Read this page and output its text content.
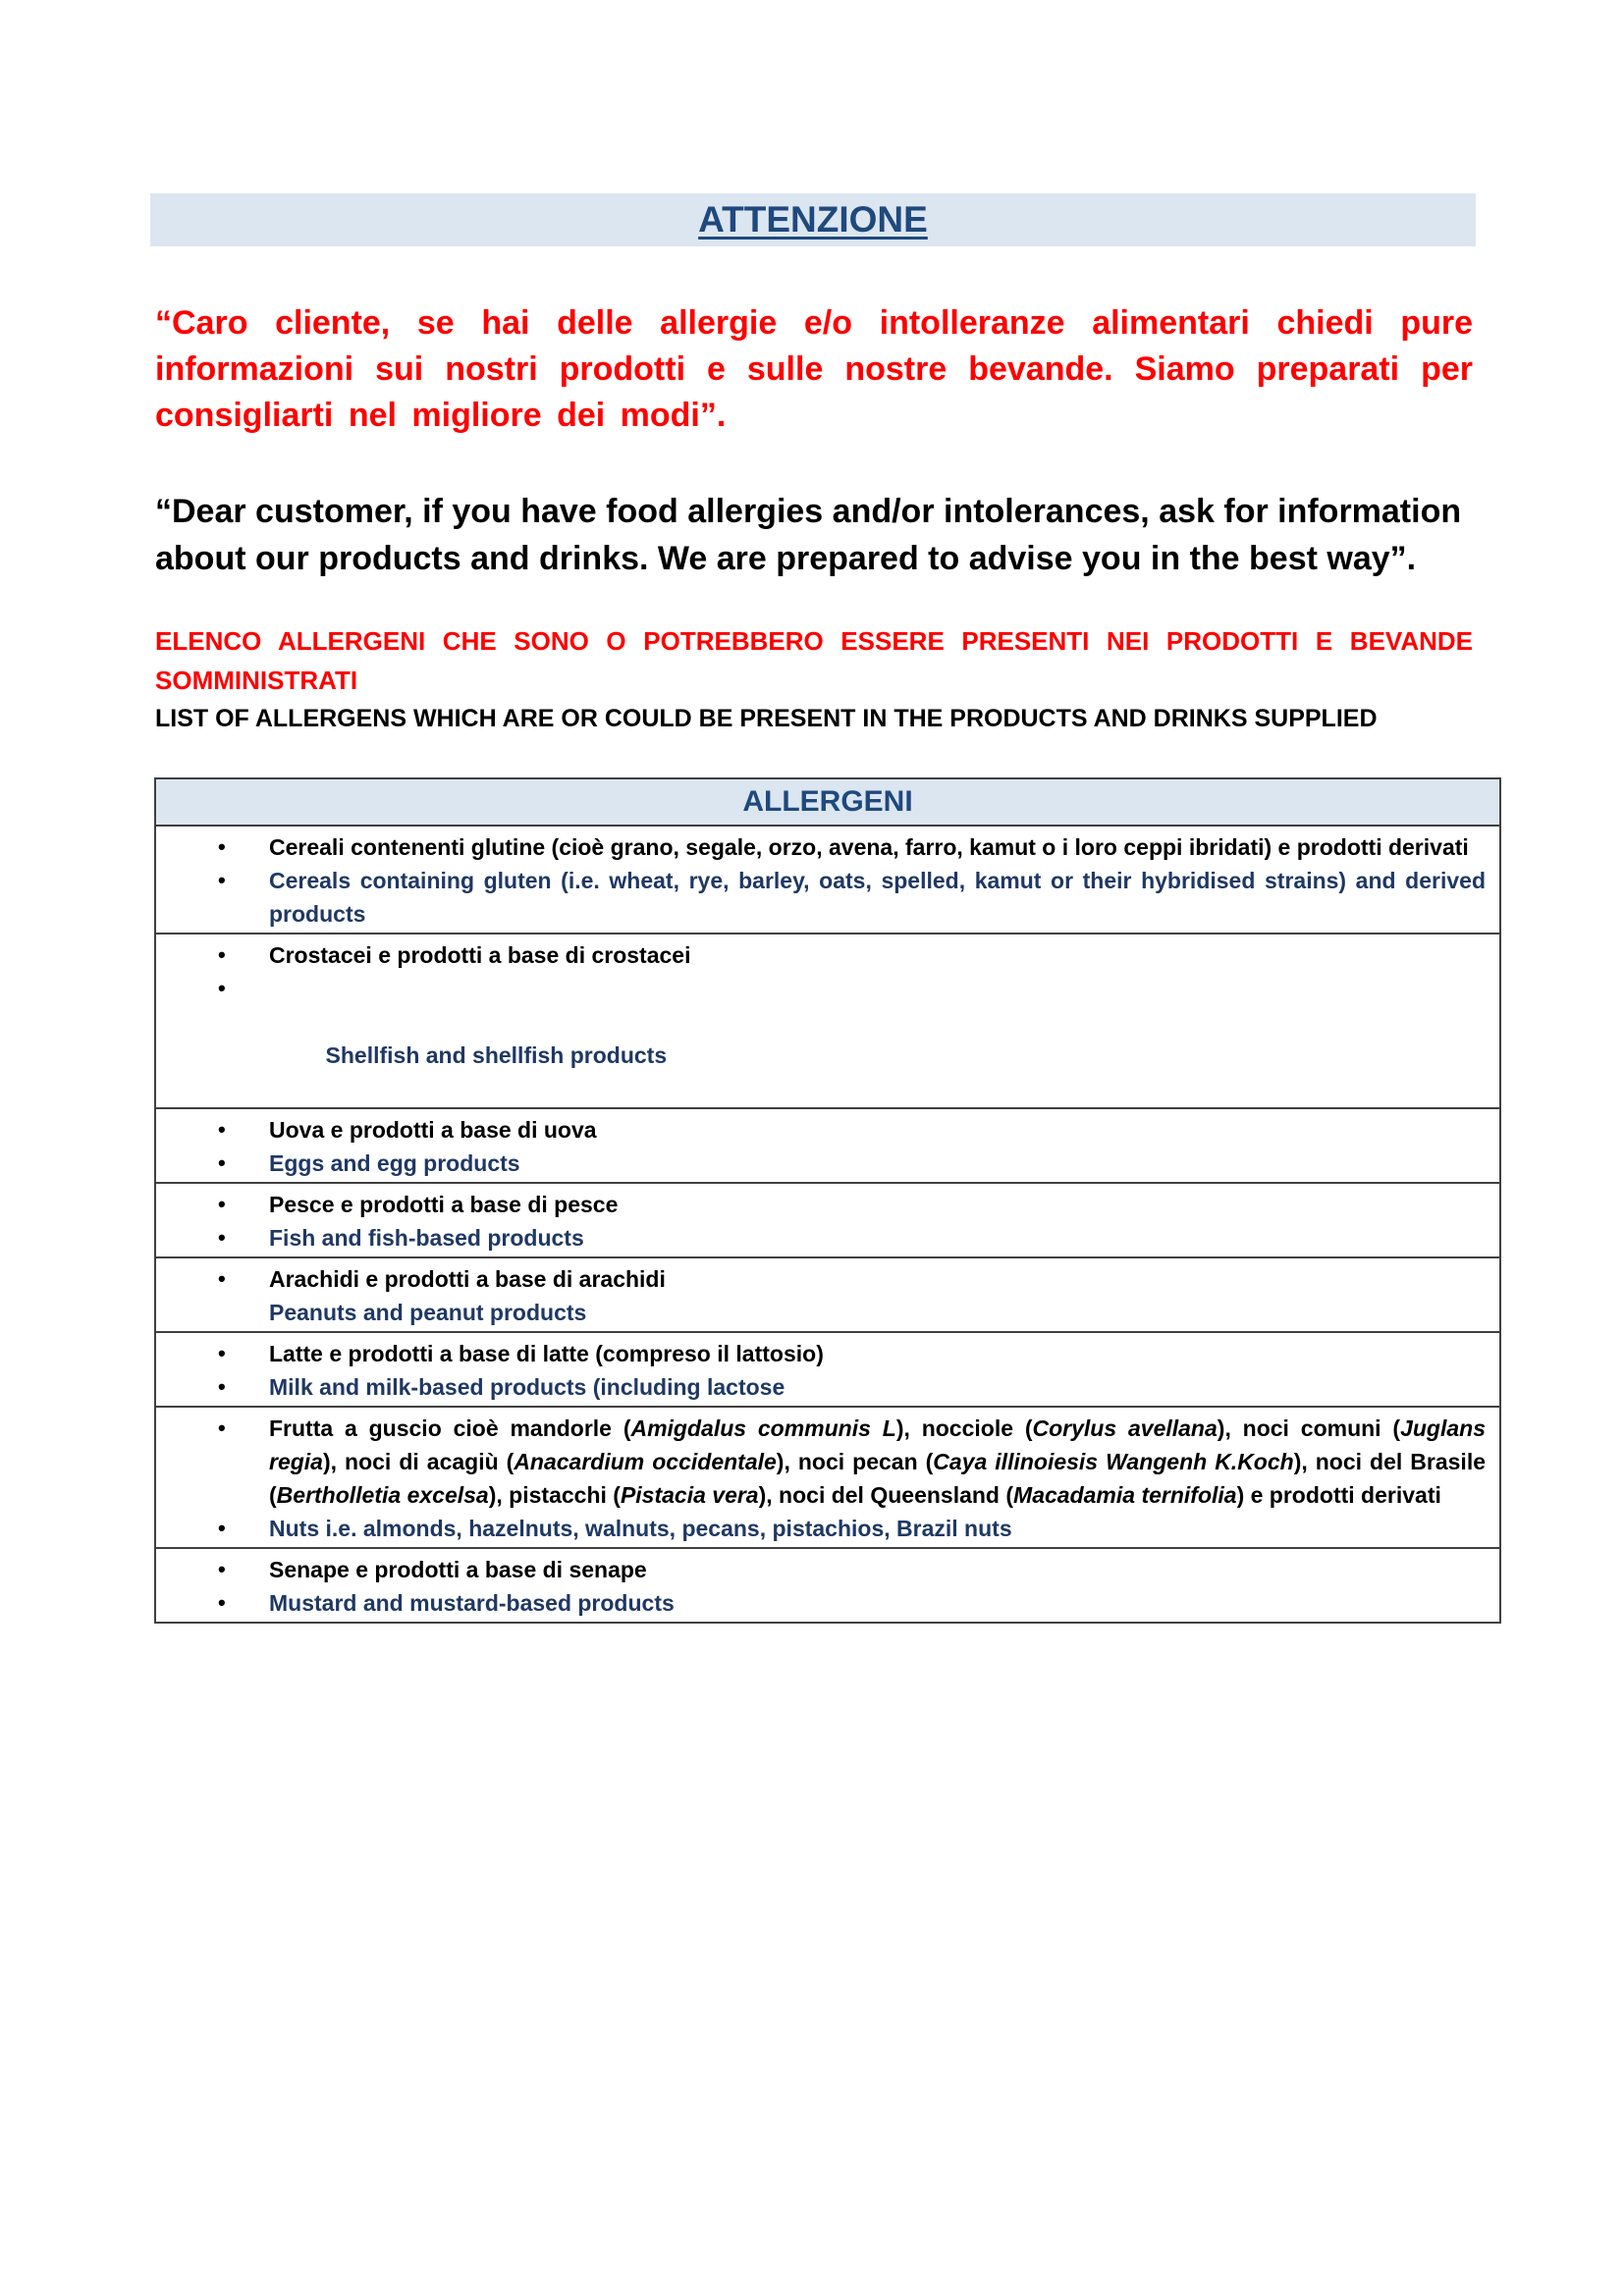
ATTENZIONE
“Caro cliente, se hai delle allergie e/o intolleranze alimentari chiedi pure informazioni sui nostri prodotti e sulle nostre bevande. Siamo preparati per consigliarti nel migliore dei modi”.
“Dear customer, if you have food allergies and/or intolerances, ask for information about our products and drinks. We are prepared to advise you in the best way”.
ELENCO ALLERGENI CHE SONO O POTREBBERO ESSERE PRESENTI NEI PRODOTTI E BEVANDE SOMMINISTRATI
LIST OF ALLERGENS WHICH ARE OR COULD BE PRESENT IN THE PRODUCTS AND DRINKS SUPPLIED
ALLERGENI
•	Cereali contenenti glutine (cioè grano, segale, orzo, avena, farro, kamut o i loro ceppi ibridati) e prodotti derivati
•	Cereals containing gluten (i.e. wheat, rye, barley, oats, spelled, kamut or their hybridised strains) and derived products
•	Crostacei e prodotti a base di crostacei

•

Shellfish and shellfish products

•	Uova e prodotti a base di uova
•	Eggs and egg products
•	Pesce e prodotti a base di pesce
•	Fish and fish-based products
•	Arachidi e prodotti a base di arachidi
Peanuts and peanut products
•	Latte e prodotti a base di latte (compreso il lattosio)
•	Milk and milk-based products (including lactose
•	Frutta a guscio cioè mandorle (Amigdalus communis L), nocciole (Corylus avellana), noci comuni (Juglans regia), noci di acagiù (Anacardium occidentale), noci pecan (Caya illinoiesis Wangenh K.Koch), noci del Brasile (Bertholletia excelsa), pistacchi (Pistacia vera), noci del Queensland (Macadamia ternifolia) e prodotti derivati
•	Nuts i.e. almonds, hazelnuts, walnuts, pecans, pistachios, Brazil nuts
•	Senape e prodotti a base di senape
•	Mustard and mustard-based products
